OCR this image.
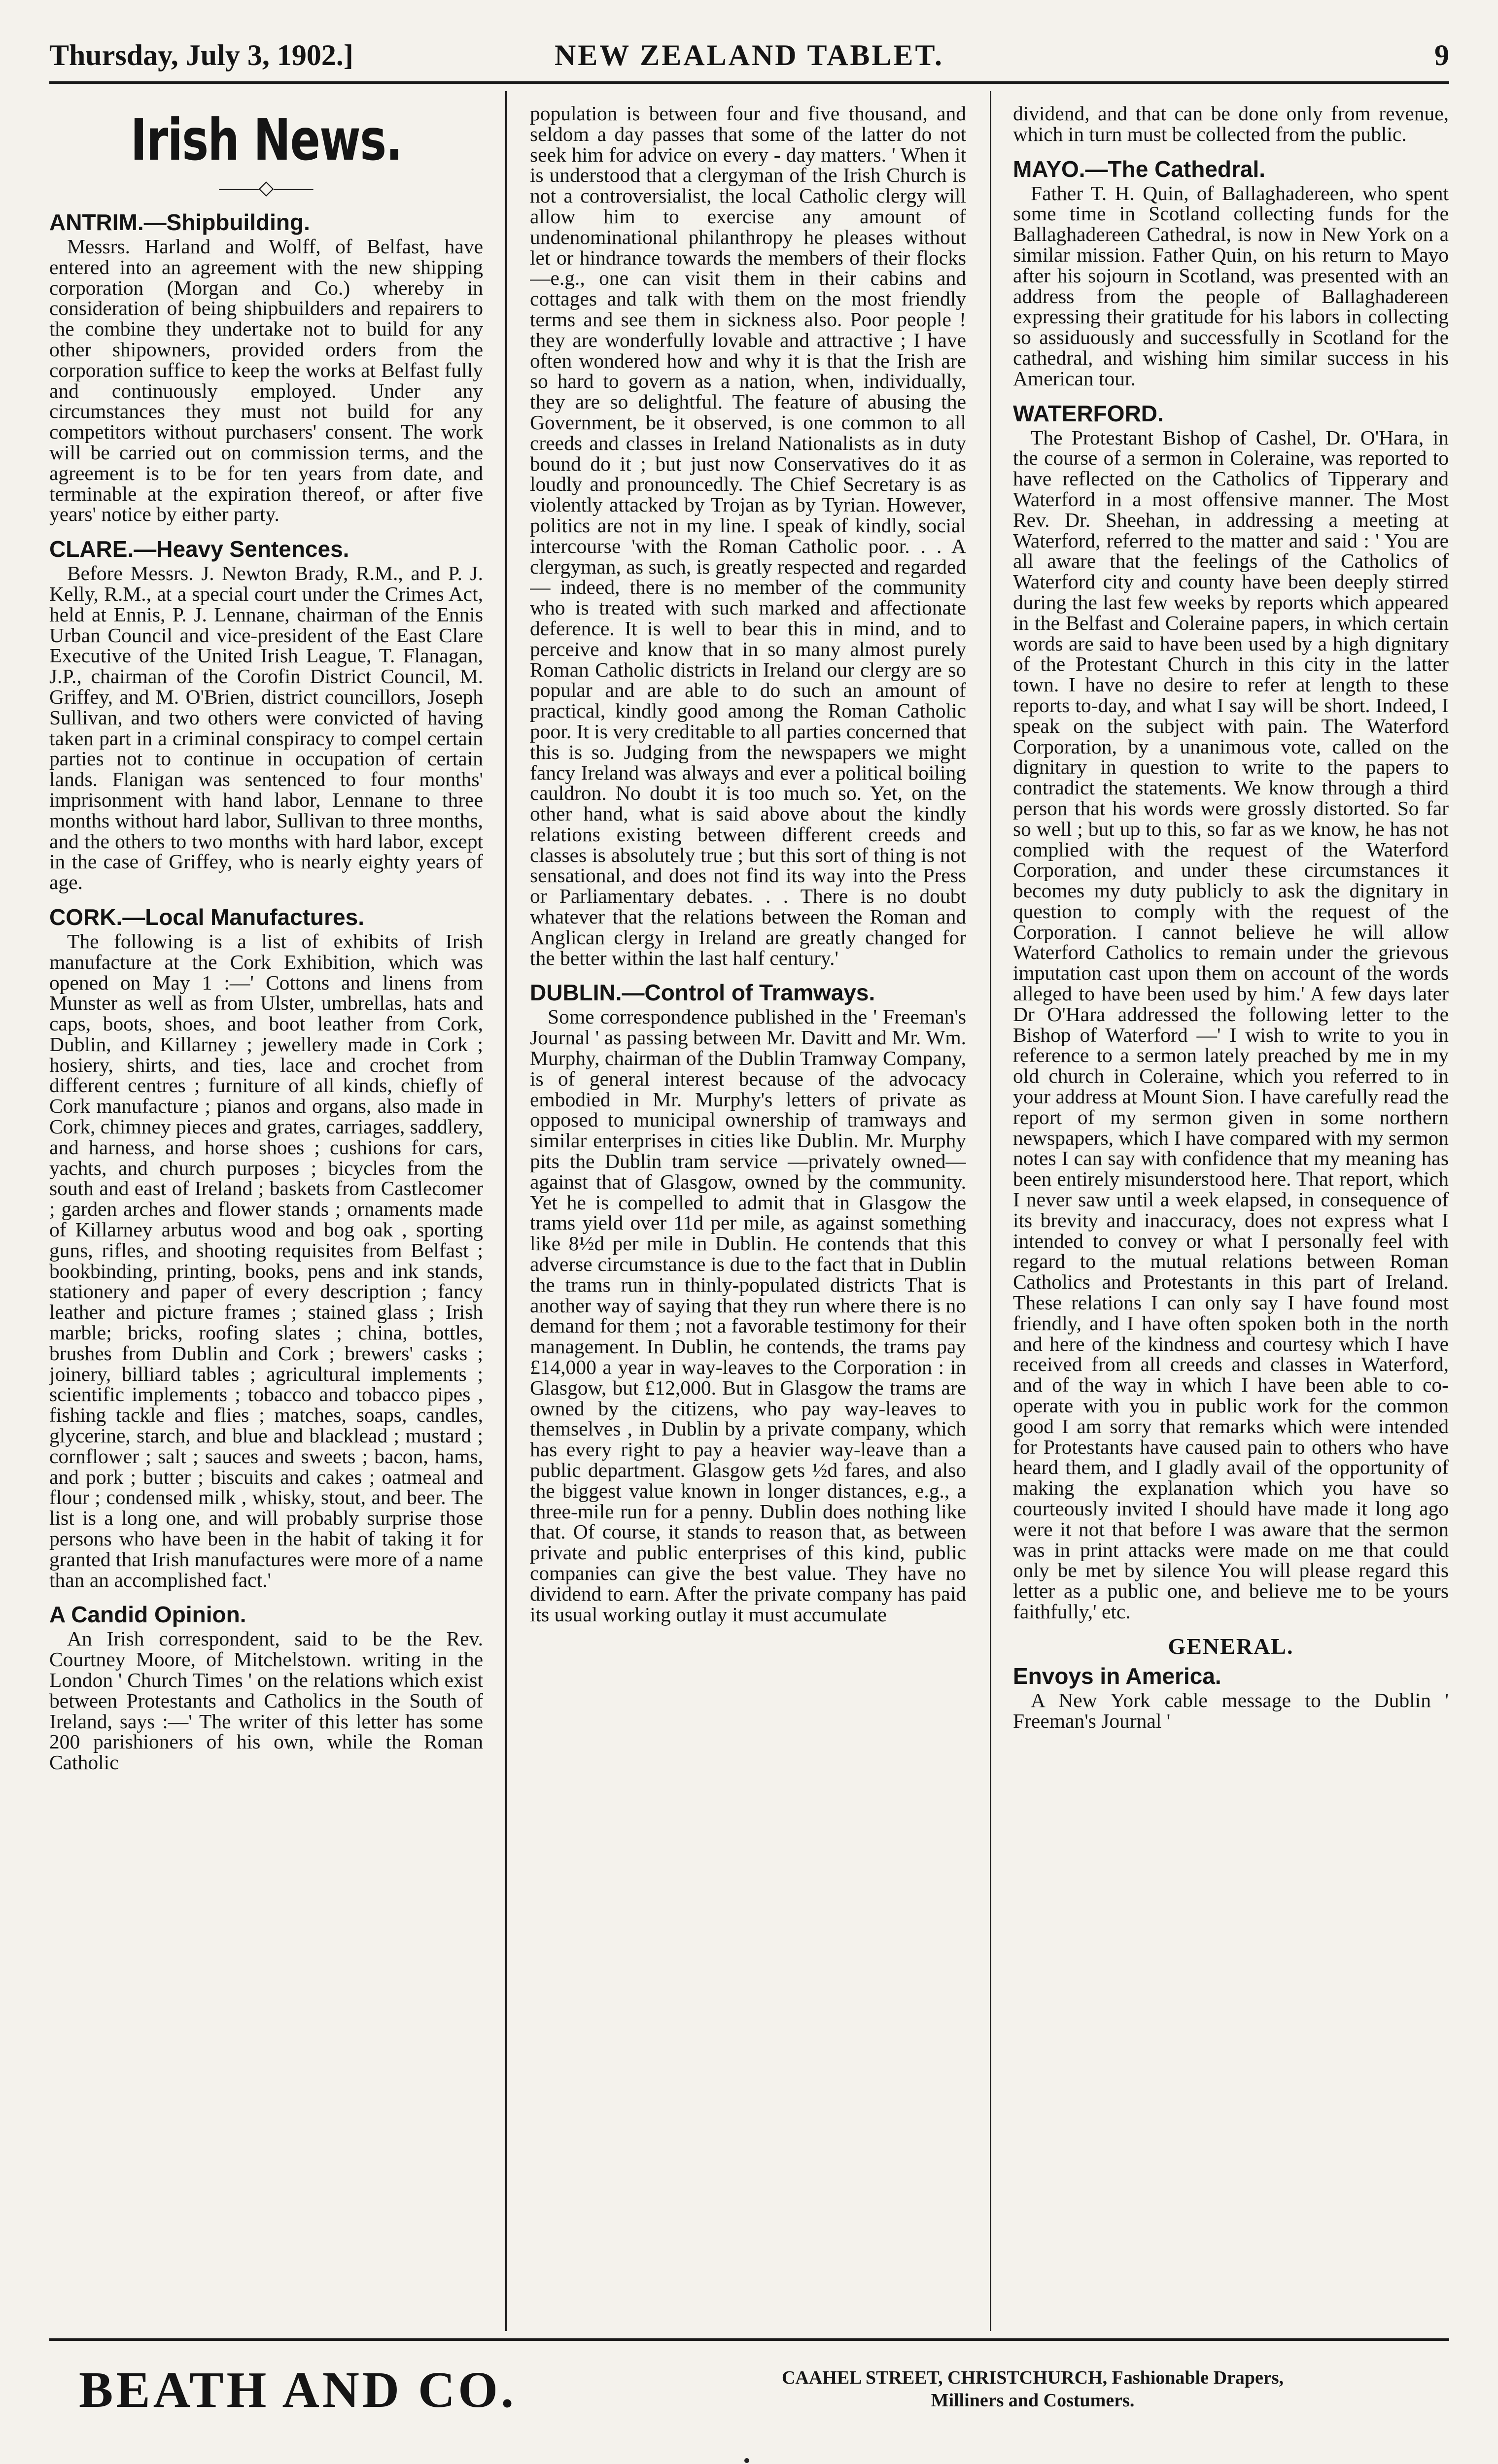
Thursday, July 3, 1902.]	NEW ZEALAND TABLET.	9
Irish News.
——◇——
ANTRIM.—Shipbuilding.

Messrs. Harland and Wolff, of Belfast, have entered into an agreement with the new shipping corporation (Morgan and Co.) whereby in consideration of being shipbuilders and repairers to the combine they undertake not to build for any other shipowners, provided orders from the corporation suffice to keep the works at Belfast fully and continuously employed. Under any circumstances they must not build for any competitors without purchasers' consent. The work will be carried out on commission terms, and the agreement is to be for ten years from date, and terminable at the expiration thereof, or after five years' notice by either party.

CLARE.—Heavy Sentences.

Before Messrs. J. Newton Brady, R.M., and P. J. Kelly, R.M., at a special court under the Crimes Act, held at Ennis, P. J. Lennane, chairman of the Ennis Urban Council and vice-president of the East Clare Executive of the United Irish League, T. Flanagan, J.P., chairman of the Corofin District Council, M. Griffey, and M. O'Brien, district councillors, Joseph Sullivan, and two others were convicted of having taken part in a criminal conspiracy to compel certain parties not to continue in occupation of certain lands. Flanigan was sentenced to four months' imprisonment with hand labor, Lennane to three months without hard labor, Sullivan to three months, and the others to two months with hard labor, except in the case of Griffey, who is nearly eighty years of age.

CORK.—Local Manufactures.

The following is a list of exhibits of Irish manufacture at the Cork Exhibition, which was opened on May 1 :—' Cottons and linens from Munster as well as from Ulster, umbrellas, hats and caps, boots, shoes, and boot leather from Cork, Dublin, and Killarney ; jewellery made in Cork ; hosiery, shirts, and ties, lace and crochet from different centres ; furniture of all kinds, chiefly of Cork manufacture ; pianos and organs, also made in Cork, chimney pieces and grates, carriages, saddlery, and harness, and horse shoes ; cushions for cars, yachts, and church purposes ; bicycles from the south and east of Ireland ; baskets from Castlecomer ; garden arches and flower stands ; ornaments made of Killarney arbutus wood and bog oak , sporting guns, rifles, and shooting requisites from Belfast ; bookbinding, printing, books, pens and ink stands, stationery and paper of every description ; fancy leather and picture frames ; stained glass ; Irish marble; bricks, roofing slates ; china, bottles, brushes from Dublin and Cork ; brewers' casks ; joinery, billiard tables ; agricultural implements ; scientific implements ; tobacco and tobacco pipes , fishing tackle and flies ; matches, soaps, candles, glycerine, starch, and blue and blacklead ; mustard ; cornflower ; salt ; sauces and sweets ; bacon, hams, and pork ; butter ; biscuits and cakes ; oatmeal and flour ; condensed milk , whisky, stout, and beer. The list is a long one, and will probably surprise those persons who have been in the habit of taking it for granted that Irish manufactures were more of a name than an accomplished fact.'

A Candid Opinion.

An Irish correspondent, said to be the Rev. Courtney Moore, of Mitchelstown. writing in the London ' Church Times ' on the relations which exist between Protestants and Catholics in the South of Ireland, says :—' The writer of this letter has some 200 parishioners of his own, while the Roman Catholic

population is between four and five thousand, and seldom a day passes that some of the latter do not seek him for advice on every - day matters. ' When it is understood that a clergyman of the Irish Church is not a controversialist, the local Catholic clergy will allow him to exercise any amount of undenominational philanthropy he pleases without let or hindrance towards the members of their flocks—e.g., one can visit them in their cabins and cottages and talk with them on the most friendly terms and see them in sickness also. Poor people ! they are wonderfully lovable and attractive ; I have often wondered how and why it is that the Irish are so hard to govern as a nation, when, individually, they are so delightful. The feature of abusing the Government, be it observed, is one common to all creeds and classes in Ireland Nationalists as in duty bound do it ; but just now Conservatives do it as loudly and pronouncedly. The Chief Secretary is as violently attacked by Trojan as by Tyrian. However, politics are not in my line. I speak of kindly, social intercourse 'with the Roman Catholic poor. . . A clergyman, as such, is greatly respected and regarded — indeed, there is no member of the community who is treated with such marked and affectionate deference. It is well to bear this in mind, and to perceive and know that in so many almost purely Roman Catholic districts in Ireland our clergy are so popular and are able to do such an amount of practical, kindly good among the Roman Catholic poor. It is very creditable to all parties concerned that this is so. Judging from the newspapers we might fancy Ireland was always and ever a political boiling cauldron. No doubt it is too much so. Yet, on the other hand, what is said above about the kindly relations existing between different creeds and classes is absolutely true ; but this sort of thing is not sensational, and does not find its way into the Press or Parliamentary debates. . . There is no doubt whatever that the relations between the Roman and Anglican clergy in Ireland are greatly changed for the better within the last half century.'

DUBLIN.—Control of Tramways.

Some correspondence published in the ' Freeman's Journal ' as passing between Mr. Davitt and Mr. Wm. Murphy, chairman of the Dublin Tramway Company, is of general interest because of the advocacy embodied in Mr. Murphy's letters of private as opposed to municipal ownership of tramways and similar enterprises in cities like Dublin. Mr. Murphy pits the Dublin tram service —privately owned—against that of Glasgow, owned by the community. Yet he is compelled to admit that in Glasgow the trams yield over 11d per mile, as against something like 8½d per mile in Dublin. He contends that this adverse circumstance is due to the fact that in Dublin the trams run in thinly-populated districts That is another way of saying that they run where there is no demand for them ; not a favorable testimony for their management. In Dublin, he contends, the trams pay £14,000 a year in way-leaves to the Corporation : in Glasgow, but £12,000. But in Glasgow the trams are owned by the citizens, who pay way-leaves to themselves , in Dublin by a private company, which has every right to pay a heavier way-leave than a public department. Glasgow gets ½d fares, and also the biggest value known in longer distances, e.g., a three-mile run for a penny. Dublin does nothing like that. Of course, it stands to reason that, as between private and public enterprises of this kind, public companies can give the best value. They have no dividend to earn. After the private company has paid its usual working outlay it must accumulate

dividend, and that can be done only from revenue, which in turn must be collected from the public.

MAYO.—The Cathedral.

Father T. H. Quin, of Ballaghadereen, who spent some time in Scotland collecting funds for the Ballaghadereen Cathedral, is now in New York on a similar mission. Father Quin, on his return to Mayo after his sojourn in Scotland, was presented with an address from the people of Ballaghadereen expressing their gratitude for his labors in collecting so assiduously and successfully in Scotland for the cathedral, and wishing him similar success in his American tour.

WATERFORD.

The Protestant Bishop of Cashel, Dr. O'Hara, in the course of a sermon in Coleraine, was reported to have reflected on the Catholics of Tipperary and Waterford in a most offensive manner. The Most Rev. Dr. Sheehan, in addressing a meeting at Waterford, referred to the matter and said : ' You are all aware that the feelings of the Catholics of Waterford city and county have been deeply stirred during the last few weeks by reports which appeared in the Belfast and Coleraine papers, in which certain words are said to have been used by a high dignitary of the Protestant Church in this city in the latter town. I have no desire to refer at length to these reports to-day, and what I say will be short. Indeed, I speak on the subject with pain. The Waterford Corporation, by a unanimous vote, called on the dignitary in question to write to the papers to contradict the statements. We know through a third person that his words were grossly distorted. So far so well ; but up to this, so far as we know, he has not complied with the request of the Waterford Corporation, and under these circumstances it becomes my duty publicly to ask the dignitary in question to comply with the request of the Corporation. I cannot believe he will allow Waterford Catholics to remain under the grievous imputation cast upon them on account of the words alleged to have been used by him.' A few days later Dr O'Hara addressed the following letter to the Bishop of Waterford —' I wish to write to you in reference to a sermon lately preached by me in my old church in Coleraine, which you referred to in your address at Mount Sion. I have carefully read the report of my sermon given in some northern newspapers, which I have compared with my sermon notes I can say with confidence that my meaning has been entirely misunderstood here. That report, which I never saw until a week elapsed, in consequence of its brevity and inaccuracy, does not express what I intended to convey or what I personally feel with regard to the mutual relations between Roman Catholics and Protestants in this part of Ireland. These relations I can only say I have found most friendly, and I have often spoken both in the north and here of the kindness and courtesy which I have received from all creeds and classes in Waterford, and of the way in which I have been able to co-operate with you in public work for the common good I am sorry that remarks which were intended for Protestants have caused pain to others who have heard them, and I gladly avail of the opportunity of making the explanation which you have so courteously invited I should have made it long ago were it not that before I was aware that the sermon was in print attacks were made on me that could only be met by silence You will please regard this letter as a public one, and believe me to be yours faithfully,' etc.

GENERAL.
Envoys in America.

A New York cable message to the Dublin ' Freeman's Journal '

BEATH AND CO.	CAAHEL STREET, CHRISTCHURCH, Fashionable Drapers,
Milliners and Costumers.
